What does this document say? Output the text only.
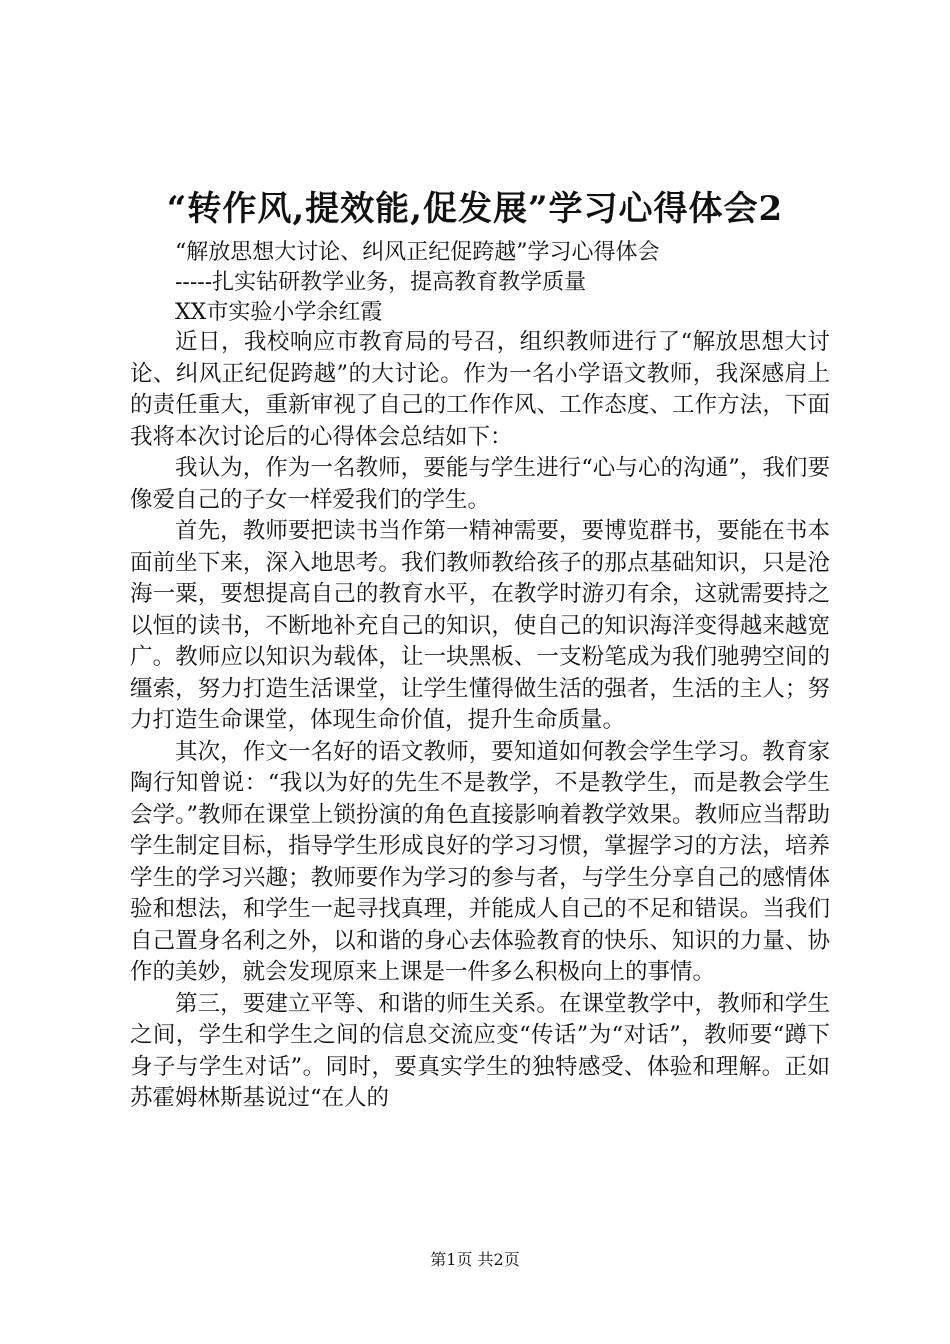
“转作风,提效能,促发展”学习心得体会2

“解放思想大讨论、纠风正纪促跨越”学习心得体会

-----扎实钻研教学业务，提高教育教学质量

XX市实验小学余红霞

近日，我校响应市教育局的号召，组织教师进行了“解放思想大讨论、纠风正纪促跨越”的大讨论。作为一名小学语文教师，我深感肩上的责任重大，重新审视了自己的工作作风、工作态度、工作方法，下面我将本次讨论后的心得体会总结如下：

我认为，作为一名教师，要能与学生进行“心与心的沟通”，我们要像爱自己的子女一样爱我们的学生。

首先，教师要把读书当作第一精神需要，要博览群书，要能在书本面前坐下来，深入地思考。我们教师教给孩子的那点基础知识，只是沧海一粟，要想提高自己的教育水平，在教学时游刃有余，这就需要持之以恒的读书，不断地补充自己的知识，使自己的知识海洋变得越来越宽广。教师应以知识为载体，让一块黑板、一支粉笔成为我们驰骋空间的缰索，努力打造生活课堂，让学生懂得做生活的强者，生活的主人；努力打造生命课堂，体现生命价值，提升生命质量。

其次，作文一名好的语文教师，要知道如何教会学生学习。教育家陶行知曾说：“我以为好的先生不是教学，不是教学生，而是教会学生会学。”教师在课堂上锁扮演的角色直接影响着教学效果。教师应当帮助学生制定目标，指导学生形成良好的学习习惯，掌握学习的方法，培养学生的学习兴趣；教师要作为学习的参与者，与学生分享自己的感情体验和想法，和学生一起寻找真理，并能成人自己的不足和错误。当我们自己置身名利之外，以和谐的身心去体验教育的快乐、知识的力量、协作的美妙，就会发现原来上课是一件多么积极向上的事情。

第三，要建立平等、和谐的师生关系。在课堂教学中，教师和学生之间，学生和学生之间的信息交流应变“传话”为“对话”，教师要“蹲下身子与学生对话”。同时，要真实学生的独特感受、体验和理解。正如苏霍姆林斯基说过“在人的

第1页 共2页
